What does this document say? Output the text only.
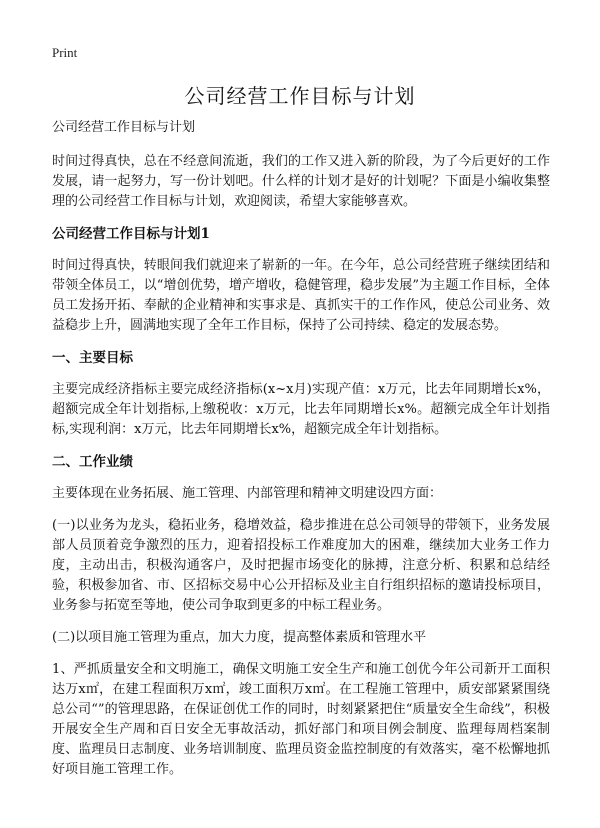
Print
公司经营工作目标与计划

公司经营工作目标与计划

时间过得真快，总在不经意间流逝，我们的工作又进入新的阶段，为了今后更好的工作发展，请一起努力，写一份计划吧。什么样的计划才是好的计划呢？下面是小编收集整理的公司经营工作目标与计划，欢迎阅读，希望大家能够喜欢。

公司经营工作目标与计划1

时间过得真快，转眼间我们就迎来了崭新的一年。在今年，总公司经营班子继续团结和带领全体员工，以“增创优势，增产增收，稳健管理，稳步发展”为主题工作目标，全体员工发扬开拓、奉献的企业精神和实事求是、真抓实干的工作作风，使总公司业务、效益稳步上升，圆满地实现了全年工作目标，保持了公司持续、稳定的发展态势。

一、主要目标

主要完成经济指标主要完成经济指标(x~x月)实现产值：x万元，比去年同期增长x%，超额完成全年计划指标,上缴税收：x万元，比去年同期增长x%。超额完成全年计划指标,实现利润：x万元，比去年同期增长x%，超额完成全年计划指标。

二、工作业绩

主要体现在业务拓展、施工管理、内部管理和精神文明建设四方面：

(一)以业务为龙头，稳拓业务，稳增效益，稳步推进在总公司领导的带领下，业务发展部人员顶着竞争激烈的压力，迎着招投标工作难度加大的困难，继续加大业务工作力度，主动出击，积极沟通客户，及时把握市场变化的脉搏，注意分析、积累和总结经验，积极参加省、市、区招标交易中心公开招标及业主自行组织招标的邀请投标项目，业务参与拓宽至等地，使公司争取到更多的中标工程业务。

(二)以项目施工管理为重点，加大力度，提高整体素质和管理水平

1、严抓质量安全和文明施工，确保文明施工安全生产和施工创优今年公司新开工面积达万x㎡，在建工程面积万x㎡，竣工面积万x㎡。在工程施工管理中，质安部紧紧围绕总公司“”的管理思路，在保证创优工作的同时，时刻紧紧把住“质量安全生命线”，积极开展安全生产周和百日安全无事故活动，抓好部门和项目例会制度、监理每周档案制度、监理员日志制度、业务培训制度、监理员资金监控制度的有效落实，毫不松懈地抓好项目施工管理工作。
